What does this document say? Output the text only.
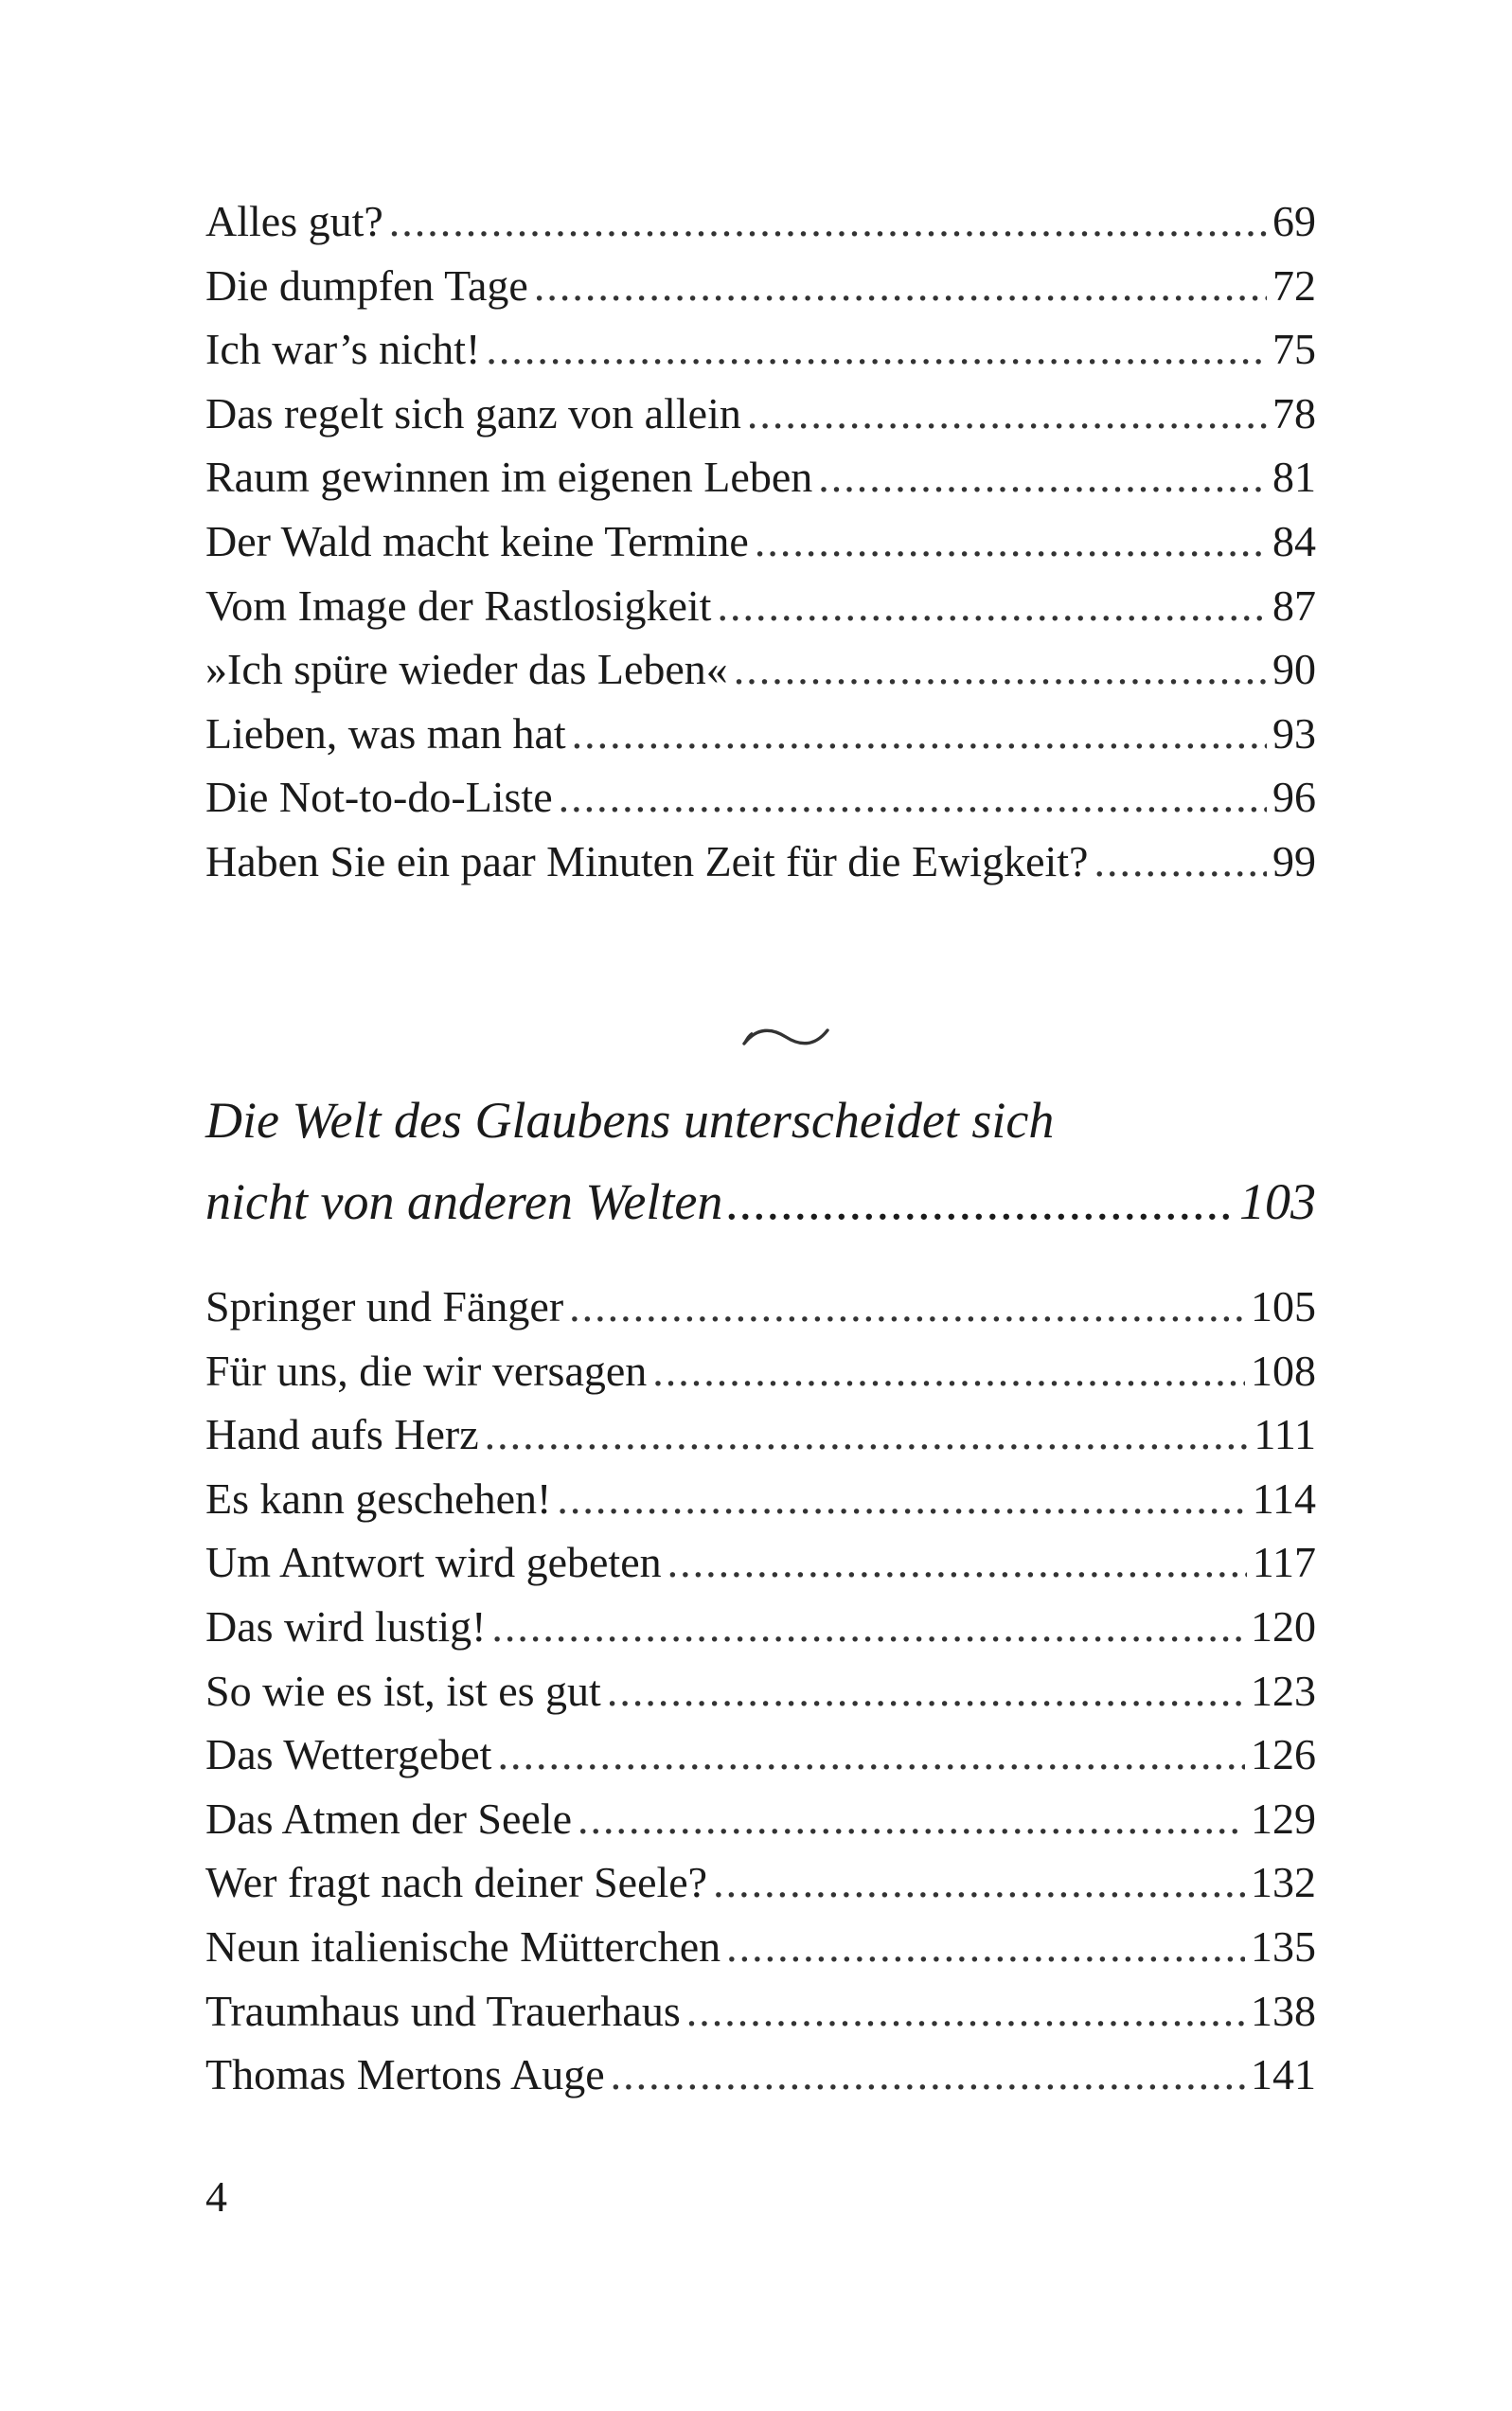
Alles gut? .....	69
Die dumpfen Tage .....	72
Ich war’s nicht! .....	75
Das regelt sich ganz von allein .....	78
Raum gewinnen im eigenen Leben .....	81
Der Wald macht keine Termine .....	84
Vom Image der Rastlosigkeit .....	87
»Ich spüre wieder das Leben« .....	90
Lieben, was man hat .....	93
Die Not-to-do-Liste .....	96
Haben Sie ein paar Minuten Zeit für die Ewigkeit? .....	99
Die Welt des Glaubens unterscheidet sich
nicht von anderen Welten .....	103
Springer und Fänger .....	105
Für uns, die wir versagen .....	108
Hand aufs Herz .....	111
Es kann geschehen! .....	114
Um Antwort wird gebeten .....	117
Das wird lustig! .....	120
So wie es ist, ist es gut .....	123
Das Wettergebet .....	126
Das Atmen der Seele .....	129
Wer fragt nach deiner Seele? .....	132
Neun italienische Mütterchen .....	135
Traumhaus und Trauerhaus .....	138
Thomas Mertons Auge .....	141
4
